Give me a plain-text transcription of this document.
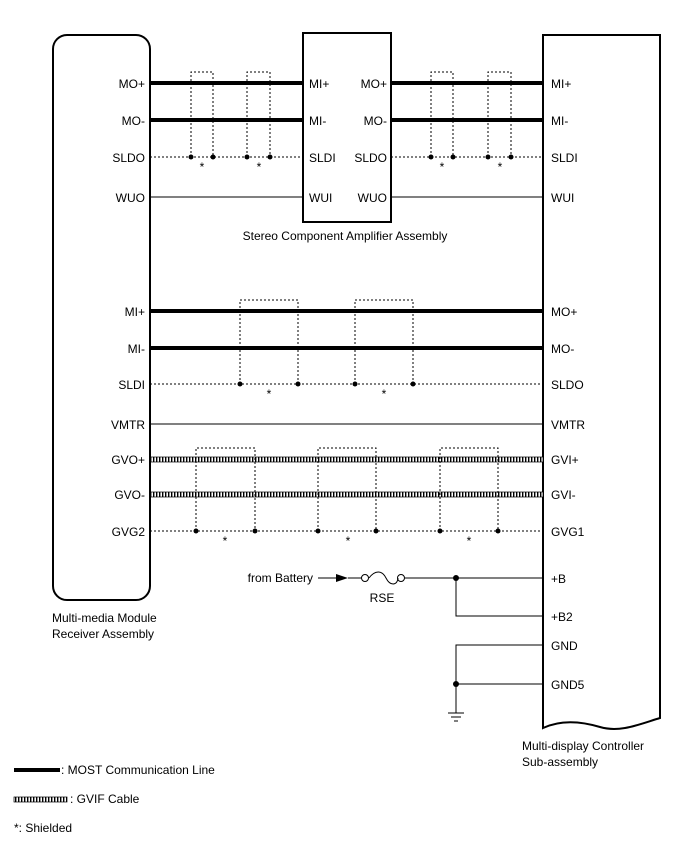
*	*	*	*
*	*
*	*	*
MO+
MO-
SLDO
WUO
MI+
MI-
SLDI
VMTR
GVO+
GVO-
GVG2
MI+
MI-
SLDI
WUI
MO+
MO-
SLDO
WUO
MI+
MI-
SLDI
WUI
MO+
MO-
SLDO
VMTR
GVI+
GVI-
GVG1
+B
+B2
GND
GND5
Stereo Component Amplifier Assembly
Multi-media Module
Receiver Assembly
Multi-display Controller
Sub-assembly
from Battery
RSE
: MOST Communication Line
: GVIF Cable
*: Shielded
